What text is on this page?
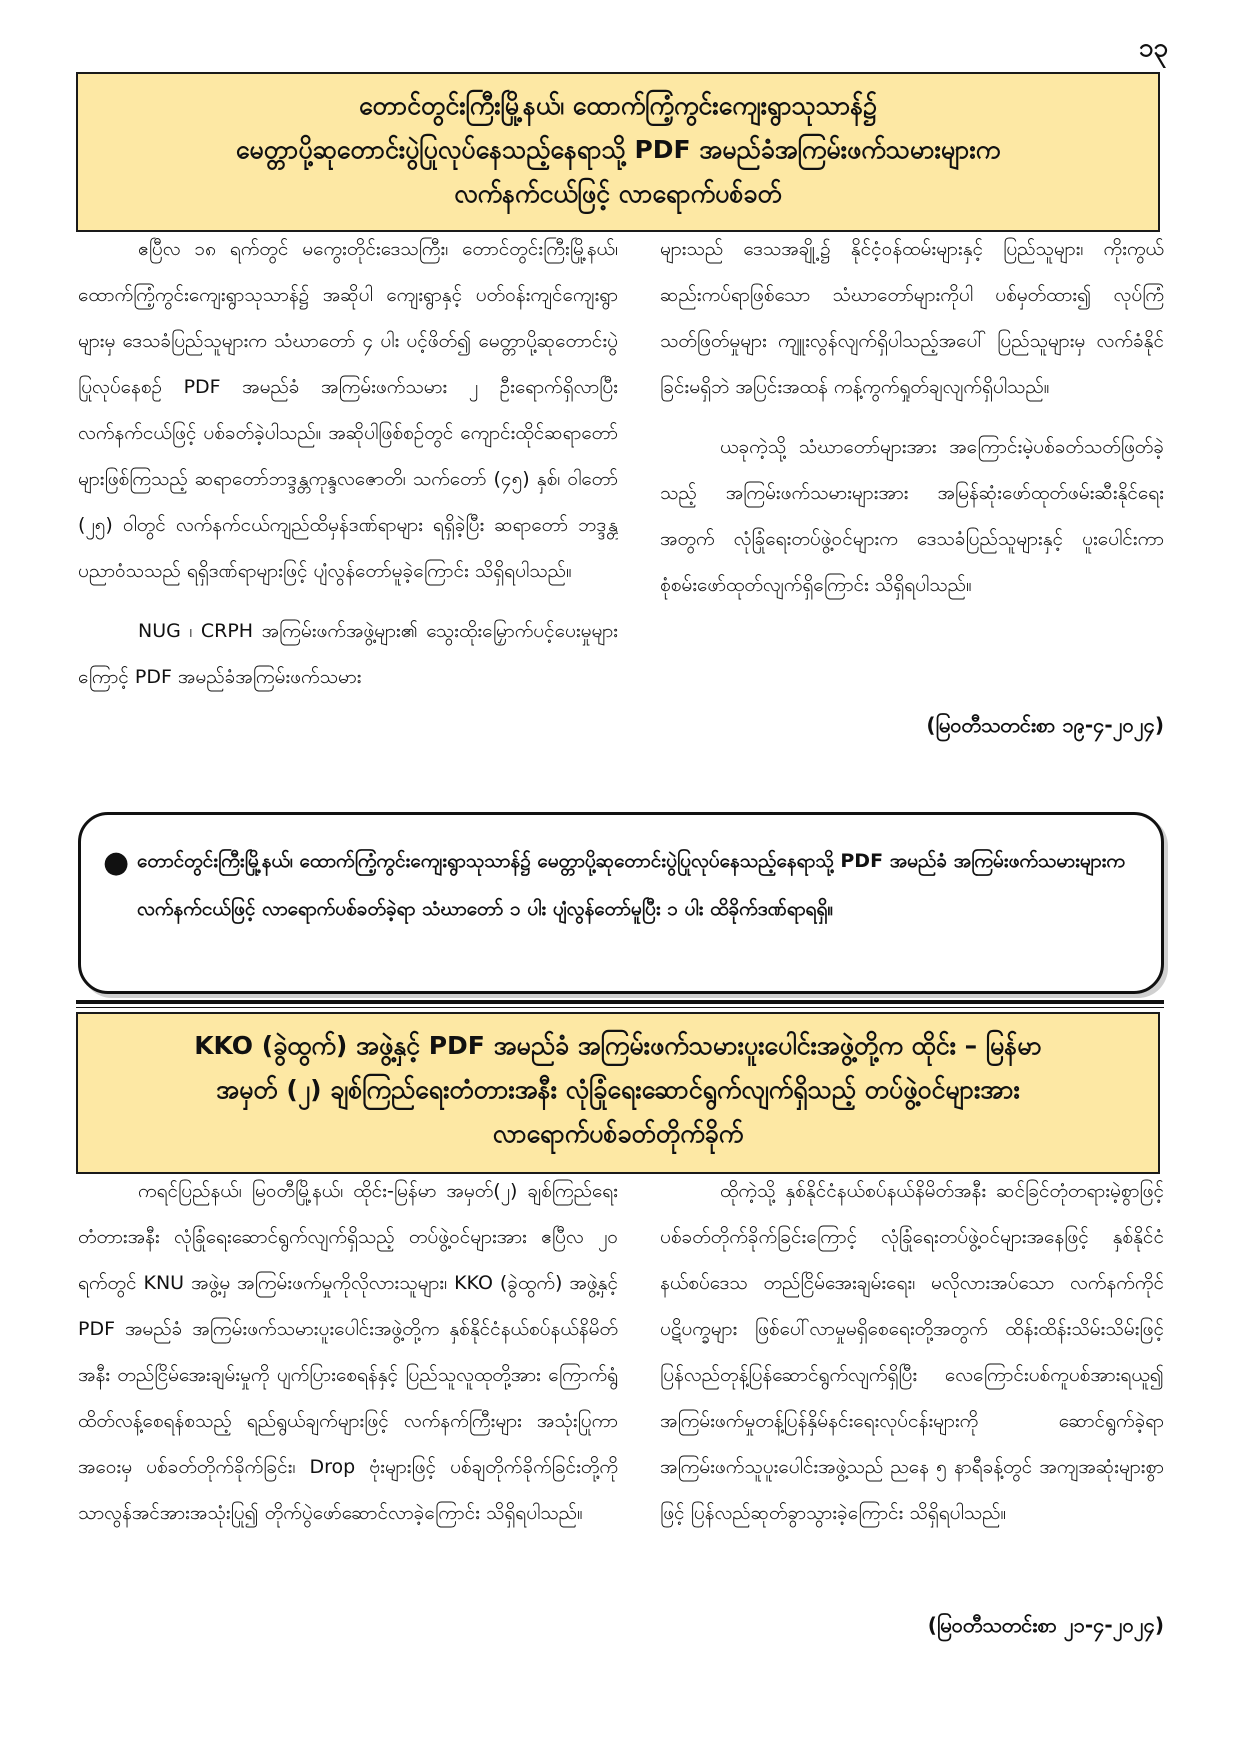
၁၃
တောင်တွင်းကြီးမြို့နယ်၊ ထောက်ကြံ့ကွင်းကျေးရွာသုသာန်၌
မေတ္တာပို့ဆုတောင်းပွဲပြုလုပ်နေသည့်နေရာသို့ PDF အမည်ခံအကြမ်းဖက်သမားများက
လက်နက်ငယ်ဖြင့် လာရောက်ပစ်ခတ်

ဧပြီလ ၁၈ ရက်တွင် မကွေးတိုင်းဒေသကြီး၊ တောင်တွင်းကြီးမြို့နယ်၊ ထောက်ကြံ့ကွင်းကျေးရွာသုသာန်၌ အဆိုပါ ကျေးရွာနှင့် ပတ်ဝန်းကျင်ကျေးရွာများမှ ဒေသခံပြည်သူများက သံဃာတော် ၄ ပါး ပင့်ဖိတ်၍ မေတ္တာပို့ဆုတောင်းပွဲပြုလုပ်နေစဉ် PDF အမည်ခံ အကြမ်းဖက်သမား ၂ ဦးရောက်ရှိလာပြီး လက်နက်ငယ်ဖြင့် ပစ်ခတ်ခဲ့ပါသည်။ အဆိုပါဖြစ်စဉ်တွင် ကျောင်းထိုင်ဆရာတော်များဖြစ်ကြသည့် ဆရာတော်ဘဒ္ဒန္တကုန္ဒလဇောတိ၊ သက်တော် (၄၅) နှစ်၊ ဝါတော် (၂၅) ဝါတွင် လက်နက်ငယ်ကျည်ထိမှန်ဒဏ်ရာများ ရရှိခဲ့ပြီး ဆရာတော် ဘဒ္ဒန္တပညာဝံသသည် ရရှိဒဏ်ရာများဖြင့် ပျံလွန်တော်မူခဲ့ကြောင်း သိရှိရပါသည်။

NUG ၊ CRPH အကြမ်းဖက်အဖွဲ့များ၏ သွေးထိုးမြှောက်ပင့်ပေးမှုများကြောင့် PDF အမည်ခံအကြမ်းဖက်သမား

များသည် ဒေသအချို့၌ နိုင်ငံ့ဝန်ထမ်းများနှင့် ပြည်သူများ၊ ကိုးကွယ်ဆည်းကပ်ရာဖြစ်သော သံဃာတော်များကိုပါ ပစ်မှတ်ထား၍ လုပ်ကြံသတ်ဖြတ်မှုများ ကျူးလွန်လျက်ရှိပါသည့်အပေါ် ပြည်သူများမှ လက်ခံနိုင်ခြင်းမရှိဘဲ အပြင်းအထန် ကန့်ကွက်ရှုတ်ချလျက်ရှိပါသည်။

ယခုကဲ့သို့ သံဃာတော်များအား အကြောင်းမဲ့ပစ်ခတ်သတ်ဖြတ်ခဲ့သည့် အကြမ်းဖက်သမားများအား အမြန်ဆုံးဖော်ထုတ်ဖမ်းဆီးနိုင်ရေးအတွက် လုံခြုံရေးတပ်ဖွဲ့ဝင်များက ဒေသခံပြည်သူများနှင့် ပူးပေါင်းကာ စုံစမ်းဖော်ထုတ်လျက်ရှိကြောင်း သိရှိရပါသည်။

(မြဝတီသတင်းစာ ၁၉-၄-၂၀၂၄)
● တောင်တွင်းကြီးမြို့နယ်၊ ထောက်ကြံ့ကွင်းကျေးရွာသုသာန်၌ မေတ္တာပို့ဆုတောင်းပွဲပြုလုပ်နေသည့်နေရာသို့ PDF အမည်ခံ အကြမ်းဖက်သမားများက လက်နက်ငယ်ဖြင့် လာရောက်ပစ်ခတ်ခဲ့ရာ သံဃာတော် ၁ ပါး ပျံလွန်တော်မူပြီး ၁ ပါး ထိခိုက်ဒဏ်ရာရရှိ။
KKO (ခွဲထွက်) အဖွဲ့နှင့် PDF အမည်ခံ အကြမ်းဖက်သမားပူးပေါင်းအဖွဲ့တို့က ထိုင်း – မြန်မာ
အမှတ် (၂) ချစ်ကြည်ရေးတံတားအနီး လုံခြုံရေးဆောင်ရွက်လျက်ရှိသည့် တပ်ဖွဲ့ဝင်များအား
လာရောက်ပစ်ခတ်တိုက်ခိုက်

ကရင်ပြည်နယ်၊ မြဝတီမြို့နယ်၊ ထိုင်း-မြန်မာ အမှတ်(၂) ချစ်ကြည်ရေးတံတားအနီး လုံခြုံရေးဆောင်ရွက်လျက်ရှိသည့် တပ်ဖွဲ့ဝင်များအား ဧပြီလ ၂၀ ရက်တွင် KNU အဖွဲ့မှ အကြမ်းဖက်မှုကိုလိုလားသူများ၊ KKO (ခွဲထွက်) အဖွဲ့နှင့် PDF အမည်ခံ အကြမ်းဖက်သမားပူးပေါင်းအဖွဲ့တို့က နှစ်နိုင်ငံနယ်စပ်နယ်နိမိတ်အနီး တည်ငြိမ်အေးချမ်းမှုကို ပျက်ပြားစေရန်နှင့် ပြည်သူလူထုတို့အား ကြောက်ရွံ့ထိတ်လန့်စေရန်စသည့် ရည်ရွယ်ချက်များဖြင့် လက်နက်ကြီးများ အသုံးပြုကာ အဝေးမှ ပစ်ခတ်တိုက်ခိုက်ခြင်း၊ Drop ဗုံးများဖြင့် ပစ်ချတိုက်ခိုက်ခြင်းတို့ကို သာလွန်အင်အားအသုံးပြု၍ တိုက်ပွဲဖော်ဆောင်လာခဲ့ကြောင်း သိရှိရပါသည်။

ထိုကဲ့သို့ နှစ်နိုင်ငံနယ်စပ်နယ်နိမိတ်အနီး ဆင်ခြင်တုံတရားမဲ့စွာဖြင့် ပစ်ခတ်တိုက်ခိုက်ခြင်းကြောင့် လုံခြုံရေးတပ်ဖွဲ့ဝင်များအနေဖြင့် နှစ်နိုင်ငံနယ်စပ်ဒေသ တည်ငြိမ်အေးချမ်းရေး၊ မလိုလားအပ်သော လက်နက်ကိုင်ပဋိပက္ခများ ဖြစ်ပေါ်လာမှုမရှိစေရေးတို့အတွက် ထိန်းထိန်းသိမ်းသိမ်းဖြင့် ပြန်လည်တုန့်ပြန်ဆောင်ရွက်လျက်ရှိပြီး လေကြောင်းပစ်ကူပစ်အားရယူ၍ အကြမ်းဖက်မှုတန့်ပြန်နှိမ်နင်းရေးလုပ်ငန်းများကို ဆောင်ရွက်ခဲ့ရာ အကြမ်းဖက်သူပူးပေါင်းအဖွဲ့သည် ညနေ ၅ နာရီခန့်တွင် အကျအဆုံးများစွာဖြင့် ပြန်လည်ဆုတ်ခွာသွားခဲ့ကြောင်း သိရှိရပါသည်။

(မြဝတီသတင်းစာ ၂၁-၄-၂၀၂၄)
